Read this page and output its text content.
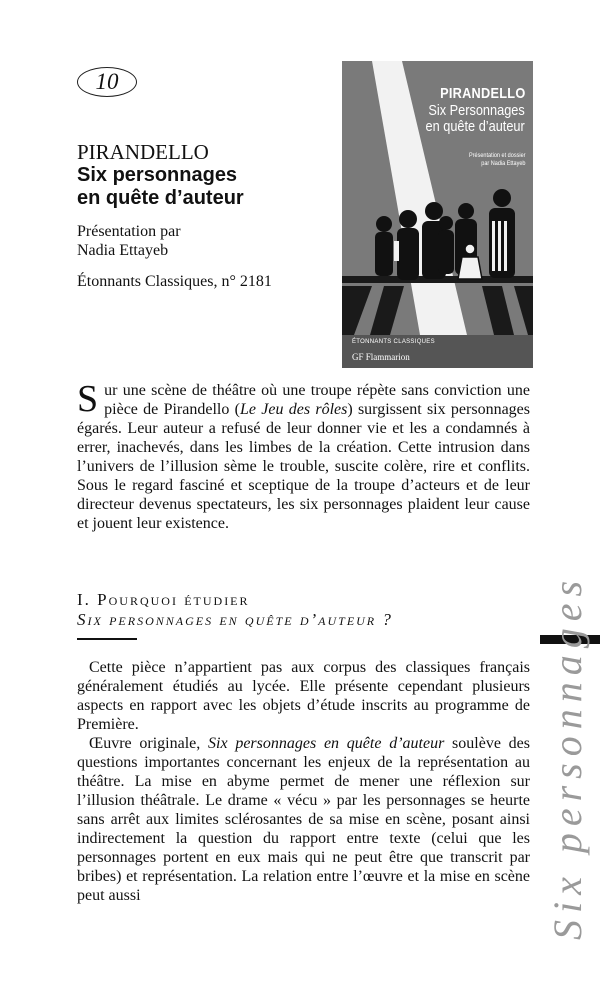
10

PIRANDELLO

Six personnages

en quête d’auteur

Présentation par
Nadia Ettayeb
Étonnants Classiques, n° 2181
PIRANDELLO
Six Personnages
en quête d’auteur
Présentation et dossier
par Nadia Ettayeb
ÉTONNANTS CLASSIQUES
GF Flammarion
Sur une scène de théâtre où une troupe répète sans conviction une pièce de Pirandello (Le Jeu des rôles) surgissent six personnages égarés. Leur auteur a refusé de leur donner vie et les a condamnés à errer, inachevés, dans les limbes de la création. Cette intrusion dans l’univers de l’illusion sème le trouble, suscite colère, rire et conflits. Sous le regard fasciné et sceptique de la troupe d’acteurs et de leur directeur devenus spectateurs, les six personnages plaident leur cause et jouent leur existence.
I. Pourquoi étudier
Six personnages en quête d’auteur ?
Cette pièce n’appartient pas aux corpus des classiques français généralement étudiés au lycée. Elle présente cependant plusieurs aspects en rapport avec les objets d’étude inscrits au programme de Première.
Œuvre originale, Six personnages en quête d’auteur soulève des questions importantes concernant les enjeux de la représentation au théâtre. La mise en abyme permet de mener une réflexion sur l’illusion théâtrale. Le drame « vécu » par les personnages se heurte sans arrêt aux limites sclérosantes de sa mise en scène, posant ainsi indirectement la question du rapport entre texte (celui que les personnages portent en eux mais qui ne peut être que transcrit par bribes) et représentation. La relation entre l’œuvre et la mise en scène peut aussi	Six personnages
